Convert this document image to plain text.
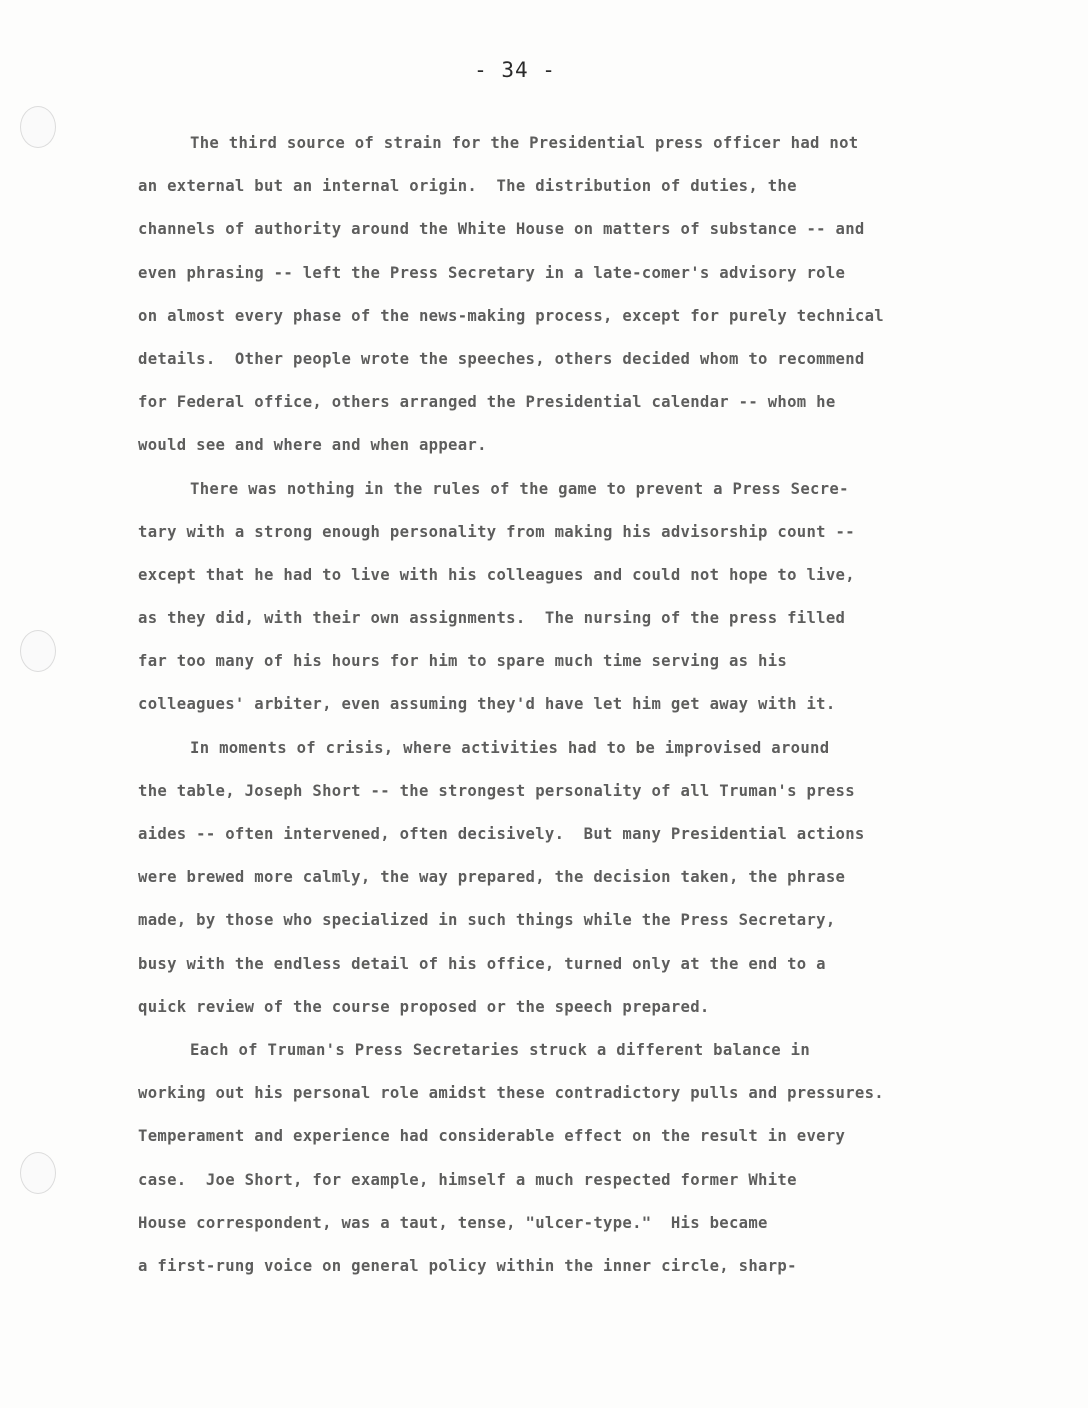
- 34 -
The third source of strain for the Presidential press officer had not
an external but an internal origin.  The distribution of duties, the
channels of authority around the White House on matters of substance -- and
even phrasing -- left the Press Secretary in a late-comer's advisory role
on almost every phase of the news-making process, except for purely technical
details.  Other people wrote the speeches, others decided whom to recommend
for Federal office, others arranged the Presidential calendar -- whom he
would see and where and when appear.
There was nothing in the rules of the game to prevent a Press Secre-
tary with a strong enough personality from making his advisorship count --
except that he had to live with his colleagues and could not hope to live,
as they did, with their own assignments.  The nursing of the press filled
far too many of his hours for him to spare much time serving as his
colleagues' arbiter, even assuming they'd have let him get away with it.
In moments of crisis, where activities had to be improvised around
the table, Joseph Short -- the strongest personality of all Truman's press
aides -- often intervened, often decisively.  But many Presidential actions
were brewed more calmly, the way prepared, the decision taken, the phrase
made, by those who specialized in such things while the Press Secretary,
busy with the endless detail of his office, turned only at the end to a
quick review of the course proposed or the speech prepared.
Each of Truman's Press Secretaries struck a different balance in
working out his personal role amidst these contradictory pulls and pressures.
Temperament and experience had considerable effect on the result in every
case.  Joe Short, for example, himself a much respected former White
House correspondent, was a taut, tense, "ulcer-type."  His became
a first-rung voice on general policy within the inner circle, sharp-
